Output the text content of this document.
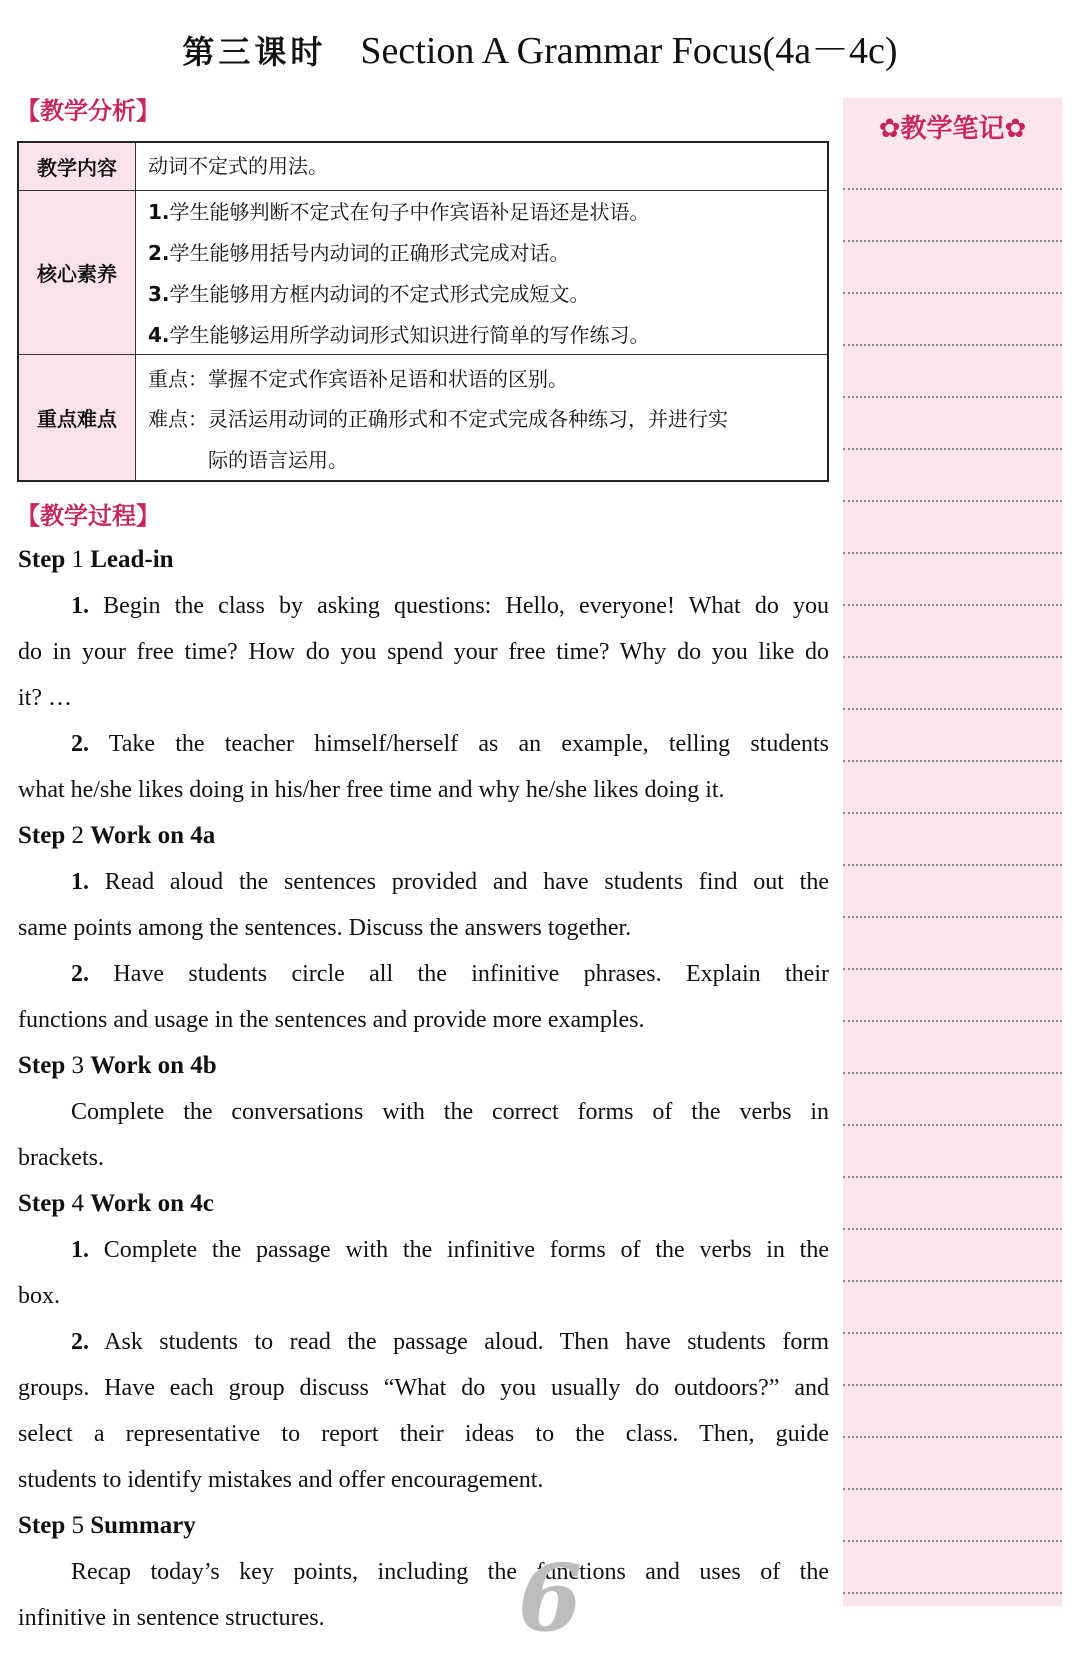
第三课时 Section A Grammar Focus(4a－4c)
【教学分析】
教学内容	动词不定式的用法。
核心素养
1.学生能够判断不定式在句子中作宾语补足语还是状语。
2.学生能够用括号内动词的正确形式完成对话。
3.学生能够用方框内动词的不定式形式完成短文。
4.学生能够运用所学动词形式知识进行简单的写作练习。
重点难点
重点：掌握不定式作宾语补足语和状语的区别。
难点：灵活运用动词的正确形式和不定式完成各种练习，并进行实
际的语言运用。
【教学过程】
Step 1 Lead-in
1. Begin the class by asking questions: Hello, everyone! What do you
do in your free time? How do you spend your free time? Why do you like do
it? …
2. Take the teacher himself/herself as an example, telling students
what he/she likes doing in his/her free time and why he/she likes doing it.
Step 2 Work on 4a
1. Read aloud the sentences provided and have students find out the
same points among the sentences. Discuss the answers together.
2. Have students circle all the infinitive phrases. Explain their
functions and usage in the sentences and provide more examples.
Step 3 Work on 4b
Complete the conversations with the correct forms of the verbs in
brackets.
Step 4 Work on 4c
1. Complete the passage with the infinitive forms of the verbs in the
box.
2. Ask students to read the passage aloud. Then have students form
groups. Have each group discuss “What do you usually do outdoors?” and
select a representative to report their ideas to the class. Then, guide
students to identify mistakes and offer encouragement.
Step 5 Summary
Recap today’s key points, including the functions and uses of the
infinitive in sentence structures.
✿教学笔记✿
6
